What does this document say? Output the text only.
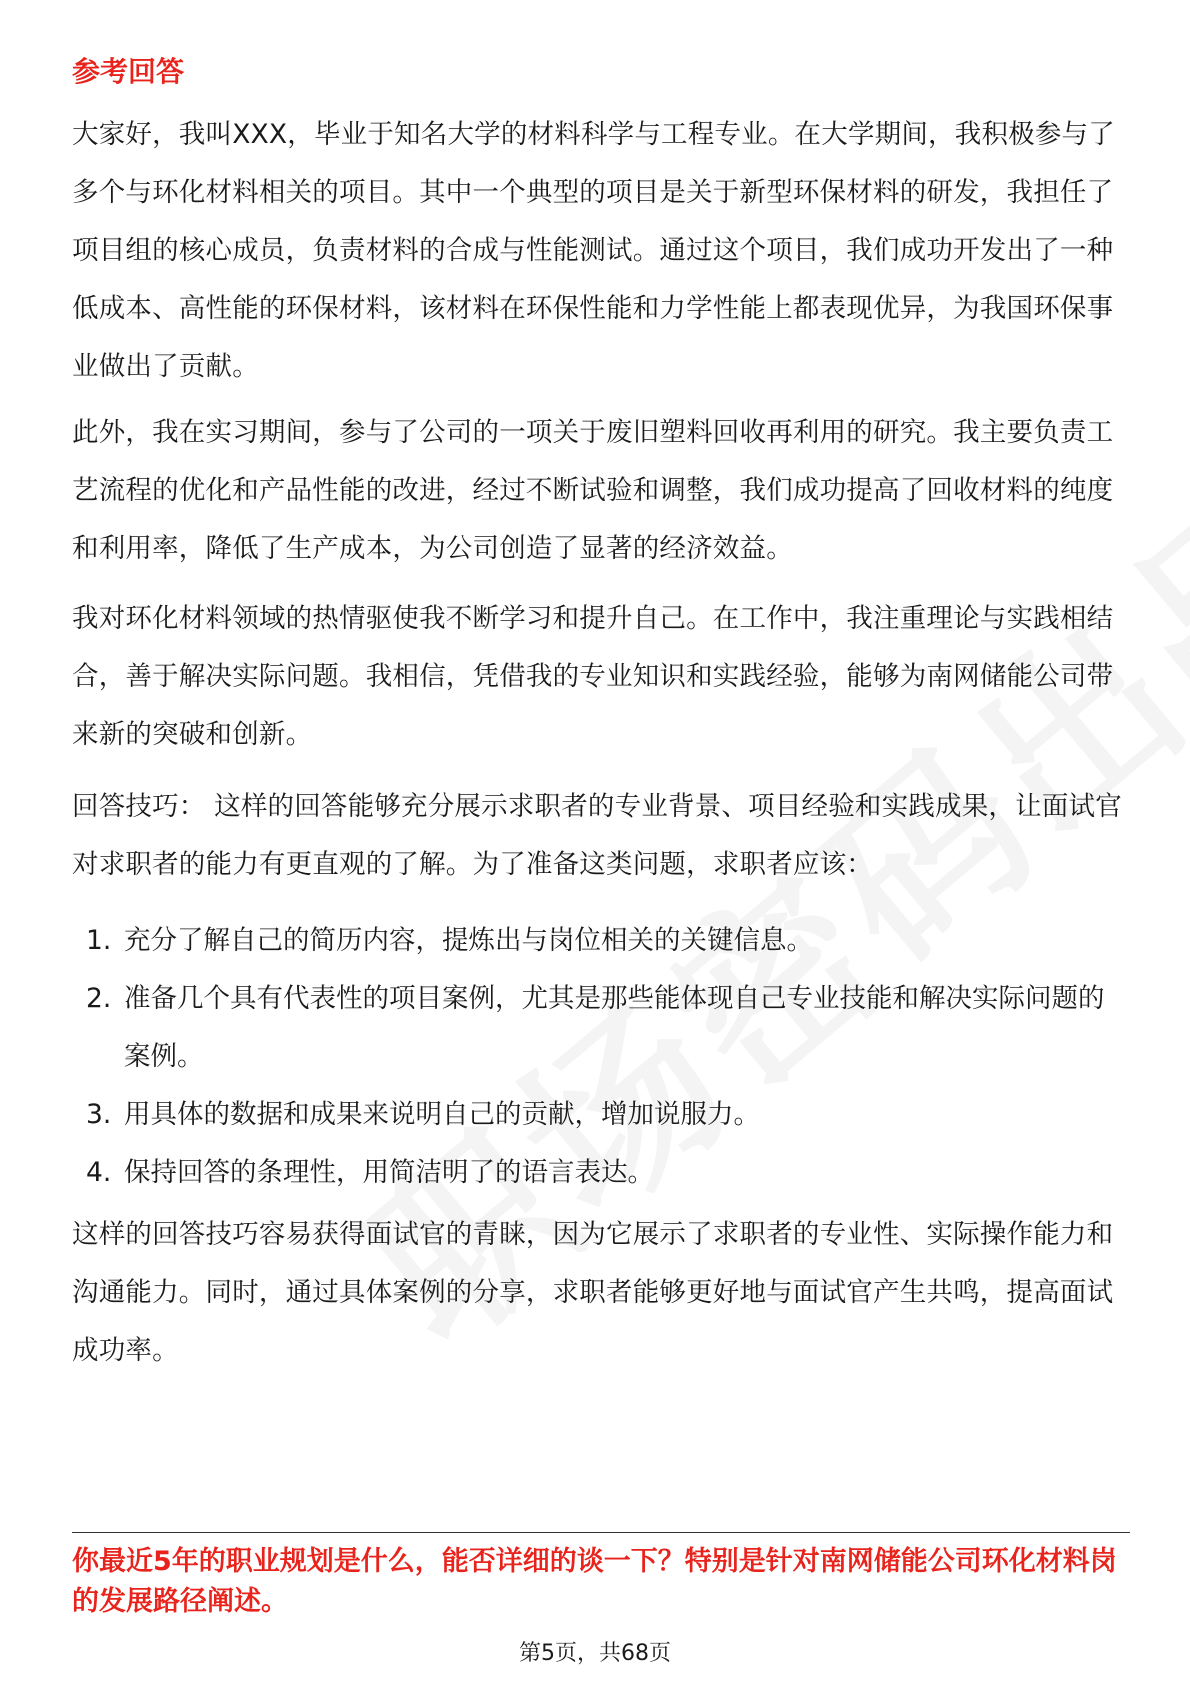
参考回答

大家好，我叫XXX，毕业于知名大学的材料科学与工程专业。在大学期间，我积极参与了多个与环化材料相关的项目。其中一个典型的项目是关于新型环保材料的研发，我担任了项目组的核心成员，负责材料的合成与性能测试。通过这个项目，我们成功开发出了一种低成本、高性能的环保材料，该材料在环保性能和力学性能上都表现优异，为我国环保事业做出了贡献。

此外，我在实习期间，参与了公司的一项关于废旧塑料回收再利用的研究。我主要负责工艺流程的优化和产品性能的改进，经过不断试验和调整，我们成功提高了回收材料的纯度和利用率，降低了生产成本，为公司创造了显著的经济效益。

我对环化材料领域的热情驱使我不断学习和提升自己。在工作中，我注重理论与实践相结合，善于解决实际问题。我相信，凭借我的专业知识和实践经验，能够为南网储能公司带来新的突破和创新。

回答技巧： 这样的回答能够充分展示求职者的专业背景、项目经验和实践成果，让面试官对求职者的能力有更直观的了解。为了准备这类问题，求职者应该：

1. 充分了解自己的简历内容，提炼出与岗位相关的关键信息。
2. 准备几个具有代表性的项目案例，尤其是那些能体现自己专业技能和解决实际问题的案例。
3. 用具体的数据和成果来说明自己的贡献，增加说服力。
4. 保持回答的条理性，用简洁明了的语言表达。

这样的回答技巧容易获得面试官的青睐，因为它展示了求职者的专业性、实际操作能力和沟通能力。同时，通过具体案例的分享，求职者能够更好地与面试官产生共鸣，提高面试成功率。

你最近5年的职业规划是什么，能否详细的谈一下？特别是针对南网储能公司环化材料岗的发展路径阐述。

第5页，共68页
